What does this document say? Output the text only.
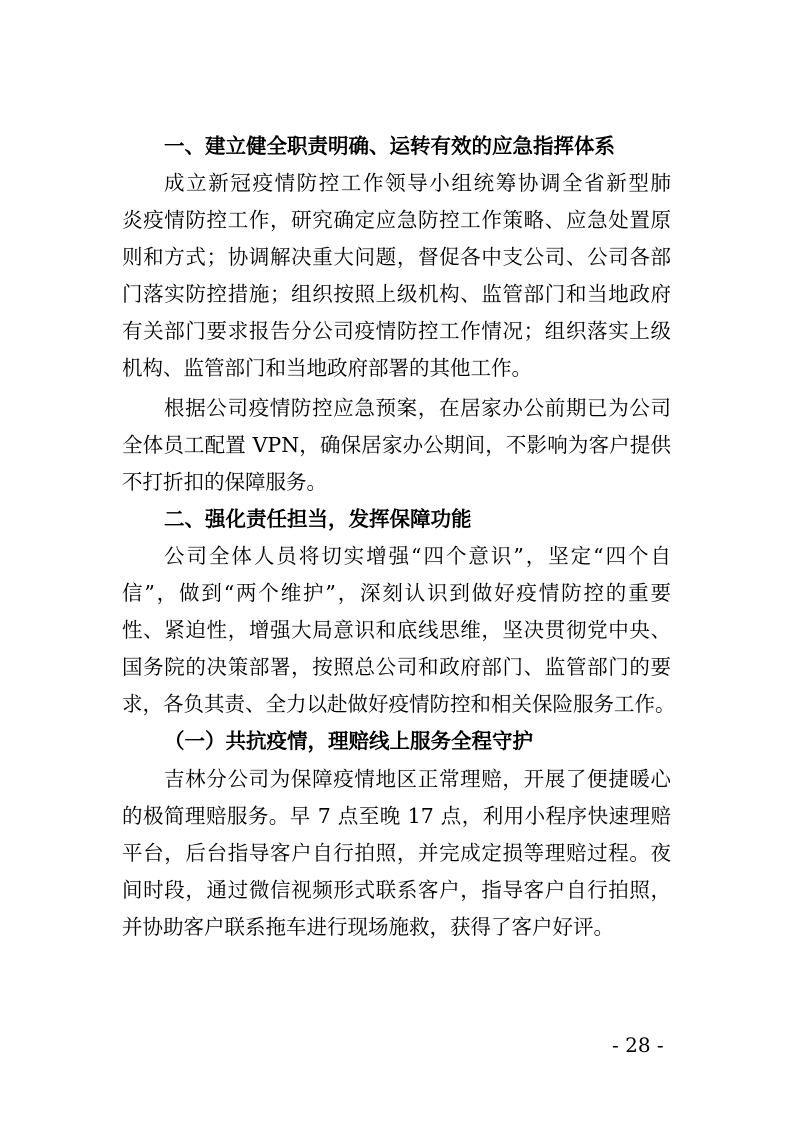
一、建立健全职责明确、运转有效的应急指挥体系
成立新冠疫情防控工作领导小组统筹协调全省新型肺
炎疫情防控工作，研究确定应急防控工作策略、应急处置原
则和方式；协调解决重大问题，督促各中支公司、公司各部
门落实防控措施；组织按照上级机构、监管部门和当地政府
有关部门要求报告分公司疫情防控工作情况；组织落实上级
机构、监管部门和当地政府部署的其他工作。
根据公司疫情防控应急预案，在居家办公前期已为公司
全体员工配置 VPN，确保居家办公期间，不影响为客户提供
不打折扣的保障服务。
二、强化责任担当，发挥保障功能
公司全体人员将切实增强“四个意识”，坚定“四个自
信”，做到“两个维护”，深刻认识到做好疫情防控的重要
性、紧迫性，增强大局意识和底线思维，坚决贯彻党中央、
国务院的决策部署，按照总公司和政府部门、监管部门的要
求，各负其责、全力以赴做好疫情防控和相关保险服务工作。
（一）共抗疫情，理赔线上服务全程守护
吉林分公司为保障疫情地区正常理赔，开展了便捷暖心
的极简理赔服务。早 7 点至晚 17 点，利用小程序快速理赔
平台，后台指导客户自行拍照，并完成定损等理赔过程。夜
间时段，通过微信视频形式联系客户，指导客户自行拍照，
并协助客户联系拖车进行现场施救，获得了客户好评。
- 28 -
